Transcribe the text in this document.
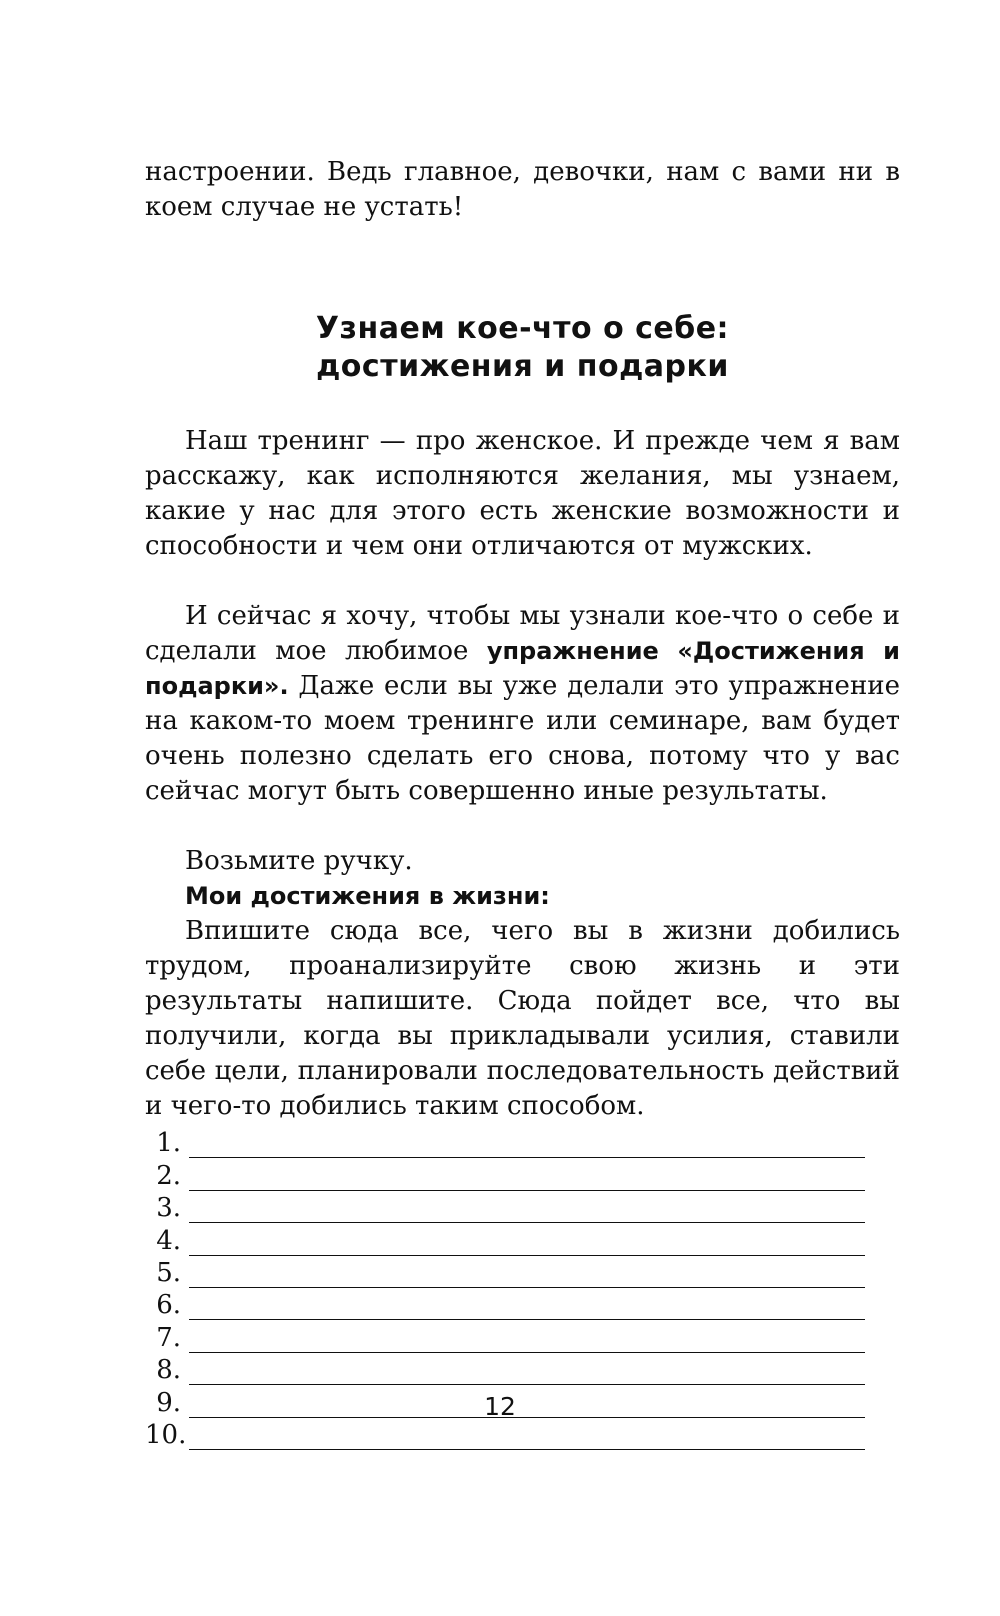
настроении. Ведь главное, девочки, нам с вами ни в коем случае не устать!

Узнаем кое-что о себе:
достижения и подарки

Наш тренинг — про женское. И прежде чем я вам расскажу, как исполняются желания, мы узнаем, какие у нас для этого есть женские возможности и способности и чем они отличаются от мужских.

И сейчас я хочу, чтобы мы узнали кое-что о себе и сделали мое любимое упражнение «Достижения и подарки». Даже если вы уже делали это упражнение на каком-то моем тренинге или семинаре, вам будет очень полезно сделать его снова, потому что у вас сейчас могут быть совершенно иные результаты.

Возьмите ручку.

Мои достижения в жизни:

Впишите сюда все, чего вы в жизни добились трудом, проанализируйте свою жизнь и эти результаты напишите. Сюда пойдет все, что вы получили, когда вы прикладывали усилия, ставили себе цели, планировали последовательность действий и чего-то добились таким способом.

1.
2.
3.
4.
5.
6.
7.
8.
9.
10.
12
